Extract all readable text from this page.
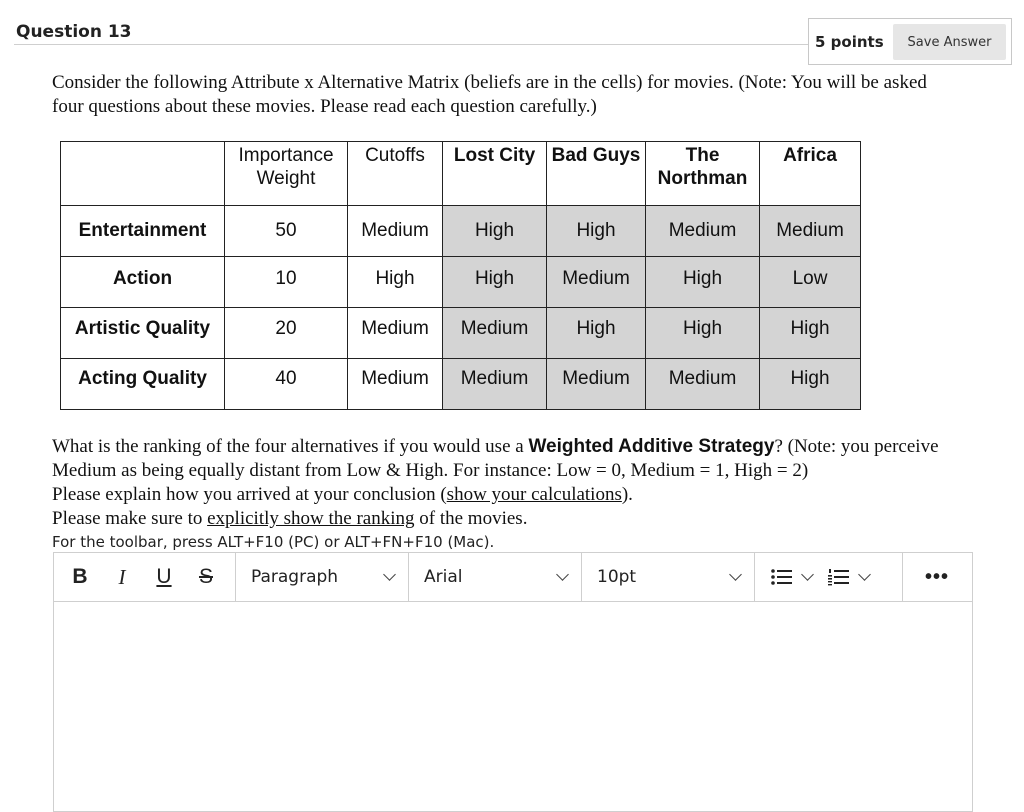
Question 13	5 points	Save Answer
Consider the following Attribute x Alternative Matrix (beliefs are in the cells) for movies. (Note: You will be asked four questions about these movies. Please read each question carefully.)
	Importance Weight	Cutoffs	Lost City	Bad Guys	The Northman	Africa
Entertainment	50	Medium	High	High	Medium	Medium
Action	10	High	High	Medium	High	Low
Artistic Quality	20	Medium	Medium	High	High	High
Acting Quality	40	Medium	Medium	Medium	Medium	High
What is the ranking of the four alternatives if you would use a Weighted Additive Strategy? (Note: you perceive Medium as being equally distant from Low & High. For instance: Low = 0, Medium = 1, High = 2)
Please explain how you arrived at your conclusion (show your calculations).
Please make sure to explicitly show the ranking of the movies.
For the toolbar, press ALT+F10 (PC) or ALT+FN+F10 (Mac).
B	I	U	S	Paragraph	Arial	10pt	•••
